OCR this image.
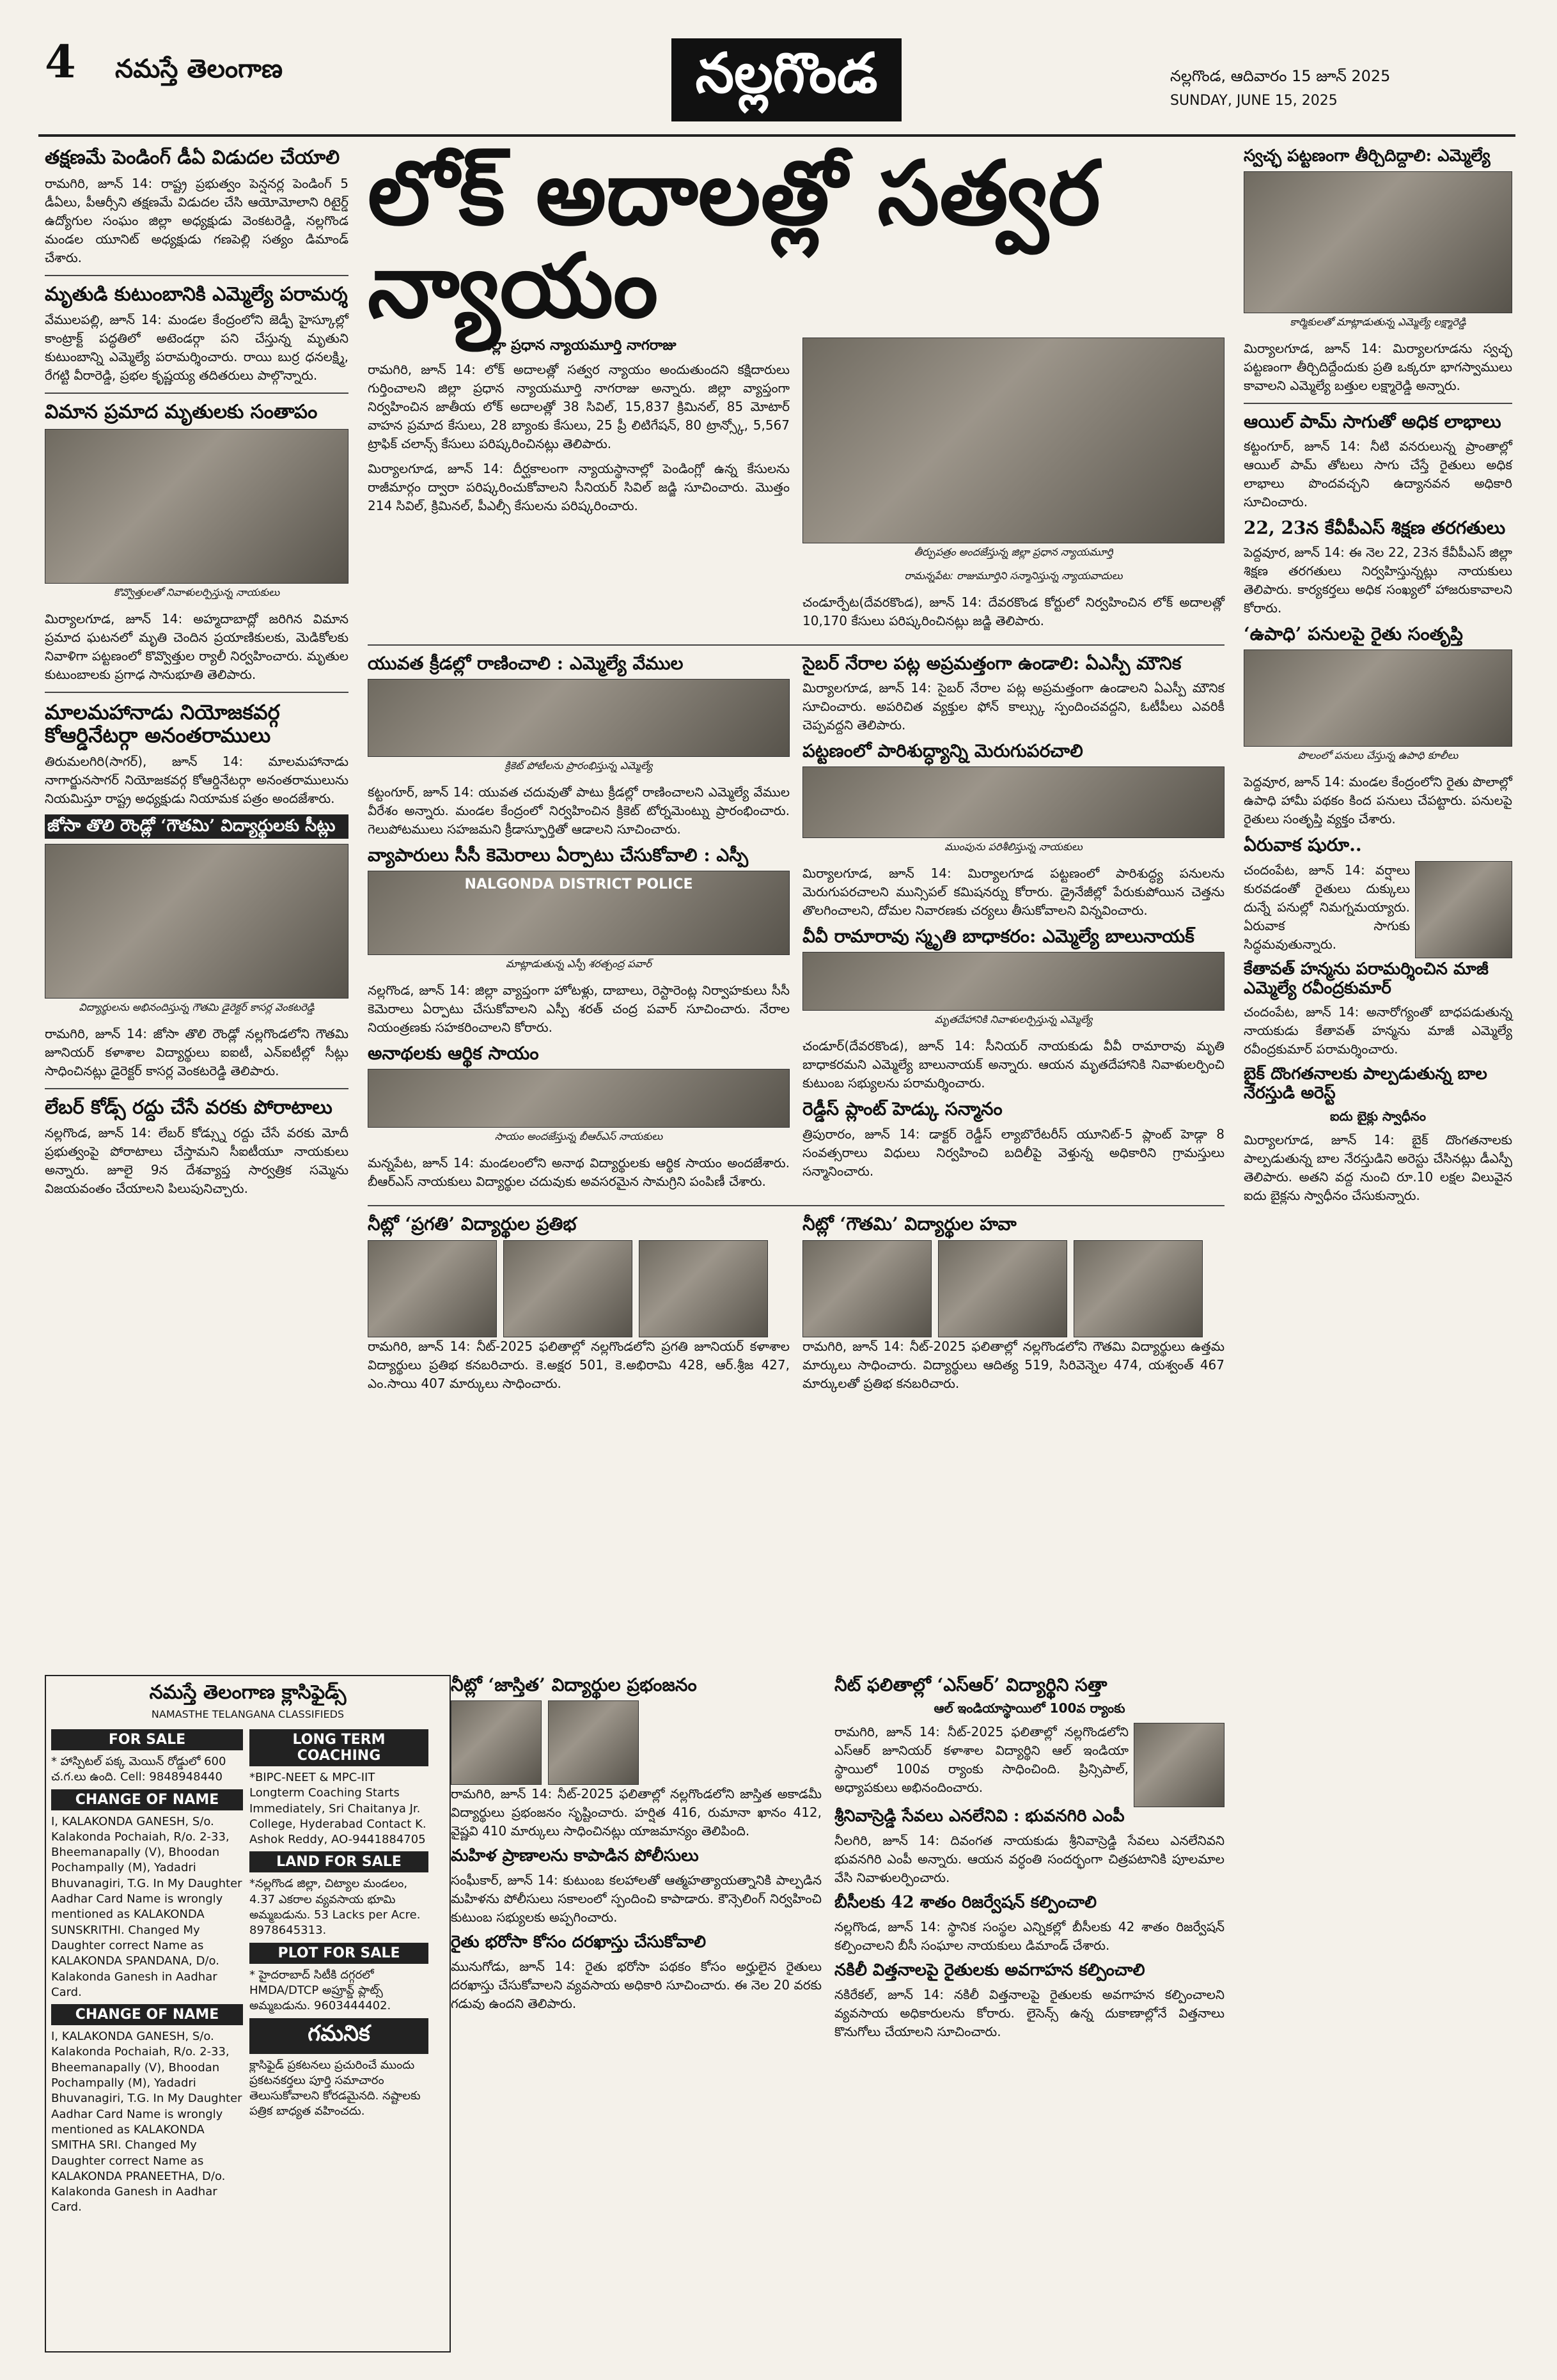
4 నమస్తే తెలంగాణ	నల్లగొండ	నల్లగొండ, ఆదివారం 15 జూన్ 2025
SUNDAY, JUNE 15, 2025
తక్షణమే పెండింగ్ డీఏ విడుదల చేయాలి

రామగిరి, జూన్ 14: రాష్ట్ర ప్రభుత్వం పెన్షనర్ల పెండింగ్ 5 డీఏలు, పీఆర్సీని తక్షణమే విడుదల చేసి ఆయోమోలాని రిటైర్డ్ ఉద్యోగుల సంఘం జిల్లా అధ్యక్షుడు వెంకటరెడ్డి, నల్లగొండ మండల యూనిట్ అధ్యక్షుడు గణపెల్లి సత్యం డిమాండ్ చేశారు.

మృతుడి కుటుంబానికి ఎమ్మెల్యే పరామర్శ

వేములపల్లి, జూన్ 14: మండల కేంద్రంలోని జెడ్పీ హైస్కూల్లో కాంట్రాక్ట్ పద్ధతిలో అటెండర్గా పని చేస్తున్న మృతుని కుటుంబాన్ని ఎమ్మెల్యే పరామర్శించారు. రాయి బుర్ర ధనలక్ష్మి, రేగట్టి వీరారెడ్డి, ప్రభల కృష్ణయ్య తదితరులు పాల్గొన్నారు.

విమాన ప్రమాద మృతులకు సంతాపం
కొవ్వొత్తులతో నివాళులర్పిస్తున్న నాయకులు

మిర్యాలగూడ, జూన్ 14: అహ్మదాబాద్లో జరిగిన విమాన ప్రమాద ఘటనలో మృతి చెందిన ప్రయాణికులకు, మెడికోలకు నివాళిగా పట్టణంలో కొవ్వొత్తుల ర్యాలీ నిర్వహించారు. మృతుల కుటుంబాలకు ప్రగాఢ సానుభూతి తెలిపారు.

మాలమహానాడు నియోజకవర్గ కోఆర్డినేటర్గా అనంతరాములు

తిరుమలగిరి(సాగర్), జూన్ 14: మాలమహానాడు నాగార్జునసాగర్ నియోజకవర్గ కోఆర్డినేటర్గా అనంతరాములును నియమిస్తూ రాష్ట్ర అధ్యక్షుడు నియామక పత్రం అందజేశారు.

జోసా తొలి రౌండ్లో ‘గౌతమి’ విద్యార్థులకు సీట్లు
విద్యార్థులను అభినందిస్తున్న గౌతమి డైరెక్టర్ కాసర్ల వెంకటరెడ్డి

రామగిరి, జూన్ 14: జోసా తొలి రౌండ్లో నల్లగొండలోని గౌతమి జూనియర్ కళాశాల విద్యార్థులు ఐఐటీ, ఎన్ఐటీల్లో సీట్లు సాధించినట్లు డైరెక్టర్ కాసర్ల వెంకటరెడ్డి తెలిపారు.

లేబర్ కోడ్స్ రద్దు చేసే వరకు పోరాటాలు

నల్లగొండ, జూన్ 14: లేబర్ కోడ్స్ను రద్దు చేసే వరకు మోదీ ప్రభుత్వంపై పోరాటాలు చేస్తామని సీఐటీయూ నాయకులు అన్నారు. జూలై 9న దేశవ్యాప్త సార్వత్రిక సమ్మెను విజయవంతం చేయాలని పిలుపునిచ్చారు.

నమస్తే తెలంగాణ క్లాసిఫైడ్స్
NAMASTHE TELANGANA CLASSIFIEDS
FOR SALE
* హాస్పిటల్ పక్క మెయిన్ రోడ్డులో 600 చ.గ.లు ఉంది. Cell: 9848948440
CHANGE OF NAME
I, KALAKONDA GANESH, S/o. Kalakonda Pochaiah, R/o. 2-33, Bheemanapally (V), Bhoodan Pochampally (M), Yadadri Bhuvanagiri, T.G. In My Daughter Aadhar Card Name is wrongly mentioned as KALAKONDA SUNSKRITHI. Changed My Daughter correct Name as KALAKONDA SPANDANA, D/o. Kalakonda Ganesh in Aadhar Card.
CHANGE OF NAME
I, KALAKONDA GANESH, S/o. Kalakonda Pochaiah, R/o. 2-33, Bheemanapally (V), Bhoodan Pochampally (M), Yadadri Bhuvanagiri, T.G. In My Daughter Aadhar Card Name is wrongly mentioned as KALAKONDA SMITHA SRI. Changed My Daughter correct Name as KALAKONDA PRANEETHA, D/o. Kalakonda Ganesh in Aadhar Card.
LONG TERM COACHING
*BIPC-NEET & MPC-IIT Longterm Coaching Starts Immediately, Sri Chaitanya Jr. College, Hyderabad Contact K. Ashok Reddy, AO-9441884705
LAND FOR SALE
*నల్లగొండ జిల్లా, చిట్యాల మండలం, 4.37 ఎకరాల వ్యవసాయ భూమి అమ్మబడును. 53 Lacks per Acre. 8978645313.
PLOT FOR SALE
* హైదరాబాద్ సిటీకి దగ్గరలో HMDA/DTCP అప్రూవ్డ్ ప్లాట్స్ అమ్మబడును. 9603444402.
గమనిక
క్లాసిఫైడ్ ప్రకటనలు ప్రచురించే ముందు ప్రకటనకర్తలు పూర్తి సమాచారం తెలుసుకోవాలని కోరడమైనది. నష్టాలకు పత్రిక బాధ్యత వహించదు.
లోక్ అదాలత్లో సత్వర న్యాయం
జిల్లా ప్రధాన న్యాయమూర్తి నాగరాజు

రామగిరి, జూన్ 14: లోక్ అదాలత్లో సత్వర న్యాయం అందుతుందని కక్షిదారులు గుర్తించాలని జిల్లా ప్రధాన న్యాయమూర్తి నాగరాజు అన్నారు. జిల్లా వ్యాప్తంగా నిర్వహించిన జాతీయ లోక్ అదాలత్లో 38 సివిల్, 15,837 క్రిమినల్, 85 మోటార్ వాహన ప్రమాద కేసులు, 28 బ్యాంకు కేసులు, 25 ప్రీ లిటిగేషన్, 80 ట్రాన్స్కో, 5,567 ట్రాఫిక్ చలాన్స్ కేసులు పరిష్కరించినట్లు తెలిపారు.

మిర్యాలగూడ, జూన్ 14: దీర్ఘకాలంగా న్యాయస్థానాల్లో పెండింగ్లో ఉన్న కేసులను రాజీమార్గం ద్వారా పరిష్కరించుకోవాలని సీనియర్ సివిల్ జడ్జి సూచించారు. మొత్తం 214 సివిల్, క్రిమినల్, పీఎల్సీ కేసులను పరిష్కరించారు.

తీర్పుపత్రం అందజేస్తున్న జిల్లా ప్రధాన న్యాయమూర్తి
రామన్నపేట: రాజుమూర్తిని సన్మానిస్తున్న న్యాయవాదులు

చండూర్పేట(దేవరకొండ), జూన్ 14: దేవరకొండ కోర్టులో నిర్వహించిన లోక్ అదాలత్లో 10,170 కేసులు పరిష్కరించినట్లు జడ్జి తెలిపారు.

యువత క్రీడల్లో రాణించాలి : ఎమ్మెల్యే వేముల
క్రికెట్ పోటీలను ప్రారంభిస్తున్న ఎమ్మెల్యే

కట్టంగూర్, జూన్ 14: యువత చదువుతో పాటు క్రీడల్లో రాణించాలని ఎమ్మెల్యే వేముల వీరేశం అన్నారు. మండల కేంద్రంలో నిర్వహించిన క్రికెట్ టోర్నమెంట్ను ప్రారంభించారు. గెలుపోటములు సహజమని క్రీడాస్ఫూర్తితో ఆడాలని సూచించారు.

వ్యాపారులు సీసీ కెమెరాలు ఏర్పాటు చేసుకోవాలి : ఎస్పీ
NALGONDA DISTRICT POLICE
మాట్లాడుతున్న ఎస్పీ శరత్చంద్ర పవార్

నల్లగొండ, జూన్ 14: జిల్లా వ్యాప్తంగా హోటళ్లు, దాబాలు, రెస్టారెంట్ల నిర్వాహకులు సీసీ కెమెరాలు ఏర్పాటు చేసుకోవాలని ఎస్పీ శరత్ చంద్ర పవార్ సూచించారు. నేరాల నియంత్రణకు సహకరించాలని కోరారు.

అనాథలకు ఆర్థిక సాయం
సాయం అందజేస్తున్న బీఆర్ఎస్ నాయకులు

మన్నపేట, జూన్ 14: మండలంలోని అనాథ విద్యార్థులకు ఆర్థిక సాయం అందజేశారు. బీఆర్ఎస్ నాయకులు విద్యార్థుల చదువుకు అవసరమైన సామగ్రిని పంపిణీ చేశారు.

సైబర్ నేరాల పట్ల అప్రమత్తంగా ఉండాలి: ఏఎస్పీ మౌనిక

మిర్యాలగూడ, జూన్ 14: సైబర్ నేరాల పట్ల అప్రమత్తంగా ఉండాలని ఏఎస్పీ మౌనిక సూచించారు. అపరిచిత వ్యక్తుల ఫోన్ కాల్స్కు స్పందించవద్దని, ఓటీపీలు ఎవరికీ చెప్పవద్దని తెలిపారు.

పట్టణంలో పారిశుద్ధ్యాన్ని మెరుగుపరచాలి
ముంపును పరిశీలిస్తున్న నాయకులు

మిర్యాలగూడ, జూన్ 14: మిర్యాలగూడ పట్టణంలో పారిశుద్ధ్య పనులను మెరుగుపరచాలని మున్సిపల్ కమిషనర్ను కోరారు. డ్రైనేజీల్లో పేరుకుపోయిన చెత్తను తొలగించాలని, దోమల నివారణకు చర్యలు తీసుకోవాలని విన్నవించారు.

వీవీ రామారావు స్మృతి బాధాకరం: ఎమ్మెల్యే బాలునాయక్
మృతదేహానికి నివాళులర్పిస్తున్న ఎమ్మెల్యే

చండూర్(దేవరకొండ), జూన్ 14: సీనియర్ నాయకుడు వీవీ రామారావు మృతి బాధాకరమని ఎమ్మెల్యే బాలునాయక్ అన్నారు. ఆయన మృతదేహానికి నివాళులర్పించి కుటుంబ సభ్యులను పరామర్శించారు.

రెడ్డీస్ ప్లాంట్ హెడ్కు సన్మానం

త్రిపురారం, జూన్ 14: డాక్టర్ రెడ్డీస్ ల్యాబొరేటరీస్ యూనిట్-5 ప్లాంట్ హెడ్గా 8 సంవత్సరాలు విధులు నిర్వహించి బదిలీపై వెళ్తున్న అధికారిని గ్రామస్తులు సన్మానించారు.

నీట్లో ‘ప్రగతి’ విద్యార్థుల ప్రతిభ

రామగిరి, జూన్ 14: నీట్-2025 ఫలితాల్లో నల్లగొండలోని ప్రగతి జూనియర్ కళాశాల విద్యార్థులు ప్రతిభ కనబరిచారు. కె.అక్షర 501, కె.అభిరామి 428, ఆర్.శ్రీజ 427, ఎం.సాయి 407 మార్కులు సాధించారు.

నీట్లో ‘గౌతమి’ విద్యార్థుల హవా

రామగిరి, జూన్ 14: నీట్-2025 ఫలితాల్లో నల్లగొండలోని గౌతమి విద్యార్థులు ఉత్తమ మార్కులు సాధించారు. విద్యార్థులు ఆదిత్య 519, సిరివెన్నెల 474, యశ్వంత్ 467 మార్కులతో ప్రతిభ కనబరిచారు.

నీట్లో ‘జాస్తిత’ విద్యార్థుల ప్రభంజనం

రామగిరి, జూన్ 14: నీట్-2025 ఫలితాల్లో నల్లగొండలోని జాస్తిత అకాడమీ విద్యార్థులు ప్రభంజనం సృష్టించారు. హర్షిత 416, రుమానా ఖానం 412, వైష్ణవి 410 మార్కులు సాధించినట్లు యాజమాన్యం తెలిపింది.

మహిళ ప్రాణాలను కాపాడిన పోలీసులు

సంఘీకార్, జూన్ 14: కుటుంబ కలహాలతో ఆత్మహత్యాయత్నానికి పాల్పడిన మహిళను పోలీసులు సకాలంలో స్పందించి కాపాడారు. కౌన్సెలింగ్ నిర్వహించి కుటుంబ సభ్యులకు అప్పగించారు.

రైతు భరోసా కోసం దరఖాస్తు చేసుకోవాలి

మునుగోడు, జూన్ 14: రైతు భరోసా పథకం కోసం అర్హులైన రైతులు దరఖాస్తు చేసుకోవాలని వ్యవసాయ అధికారి సూచించారు. ఈ నెల 20 వరకు గడువు ఉందని తెలిపారు.

నీట్ ఫలితాల్లో ‘ఎస్ఆర్’ విద్యార్థిని సత్తా
ఆల్ ఇండియాస్థాయిలో 100వ ర్యాంకు

రామగిరి, జూన్ 14: నీట్-2025 ఫలితాల్లో నల్లగొండలోని ఎస్ఆర్ జూనియర్ కళాశాల విద్యార్థిని ఆల్ ఇండియా స్థాయిలో 100వ ర్యాంకు సాధించింది. ప్రిన్సిపాల్, అధ్యాపకులు అభినందించారు.

శ్రీనివాస్రెడ్డి సేవలు ఎనలేనివి : భువనగిరి ఎంపీ

నీలగిరి, జూన్ 14: దివంగత నాయకుడు శ్రీనివాస్రెడ్డి సేవలు ఎనలేనివని భువనగిరి ఎంపీ అన్నారు. ఆయన వర్ధంతి సందర్భంగా చిత్రపటానికి పూలమాల వేసి నివాళులర్పించారు.

బీసీలకు 42 శాతం రిజర్వేషన్ కల్పించాలి

నల్లగొండ, జూన్ 14: స్థానిక సంస్థల ఎన్నికల్లో బీసీలకు 42 శాతం రిజర్వేషన్ కల్పించాలని బీసీ సంఘాల నాయకులు డిమాండ్ చేశారు.

నకిలీ విత్తనాలపై రైతులకు అవగాహన కల్పించాలి

నకిరేకల్, జూన్ 14: నకిలీ విత్తనాలపై రైతులకు అవగాహన కల్పించాలని వ్యవసాయ అధికారులను కోరారు. లైసెన్స్ ఉన్న దుకాణాల్లోనే విత్తనాలు కొనుగోలు చేయాలని సూచించారు.

స్వచ్ఛ పట్టణంగా తీర్చిదిద్దాలి: ఎమ్మెల్యే
కార్మికులతో మాట్లాడుతున్న ఎమ్మెల్యే లక్ష్మారెడ్డి

మిర్యాలగూడ, జూన్ 14: మిర్యాలగూడను స్వచ్ఛ పట్టణంగా తీర్చిదిద్దేందుకు ప్రతి ఒక్కరూ భాగస్వాములు కావాలని ఎమ్మెల్యే బత్తుల లక్ష్మారెడ్డి అన్నారు.

ఆయిల్ పామ్ సాగుతో అధిక లాభాలు

కట్టంగూర్, జూన్ 14: నీటి వనరులున్న ప్రాంతాల్లో ఆయిల్ పామ్ తోటలు సాగు చేస్తే రైతులు అధిక లాభాలు పొందవచ్చని ఉద్యానవన అధికారి సూచించారు.

22, 23న కేవీపీఎస్ శిక్షణ తరగతులు

పెద్దవూర, జూన్ 14: ఈ నెల 22, 23న కేవీపీఎస్ జిల్లా శిక్షణ తరగతులు నిర్వహిస్తున్నట్లు నాయకులు తెలిపారు. కార్యకర్తలు అధిక సంఖ్యలో హాజరుకావాలని కోరారు.

‘ఉపాధి’ పనులపై రైతు సంతృప్తి
పొలంలో పనులు చేస్తున్న ఉపాధి కూలీలు

పెద్దవూర, జూన్ 14: మండల కేంద్రంలోని రైతు పొలాల్లో ఉపాధి హామీ పథకం కింద పనులు చేపట్టారు. పనులపై రైతులు సంతృప్తి వ్యక్తం చేశారు.

ఏరువాక షురూ..

చందంపేట, జూన్ 14: వర్షాలు కురవడంతో రైతులు దుక్కులు దున్నే పనుల్లో నిమగ్నమయ్యారు. ఏరువాక సాగుకు సిద్ధమవుతున్నారు.

కేతావత్ హన్మను పరామర్శించిన మాజీ ఎమ్మెల్యే రవీంద్రకుమార్

చందంపేట, జూన్ 14: అనారోగ్యంతో బాధపడుతున్న నాయకుడు కేతావత్ హన్మను మాజీ ఎమ్మెల్యే రవీంద్రకుమార్ పరామర్శించారు.

బైక్ దొంగతనాలకు పాల్పడుతున్న బాల నేరస్తుడి అరెస్ట్
ఐదు బైక్లు స్వాధీనం

మిర్యాలగూడ, జూన్ 14: బైక్ దొంగతనాలకు పాల్పడుతున్న బాల నేరస్తుడిని అరెస్టు చేసినట్లు డీఎస్పీ తెలిపారు. అతని వద్ద నుంచి రూ.10 లక్షల విలువైన ఐదు బైక్లను స్వాధీనం చేసుకున్నారు.
